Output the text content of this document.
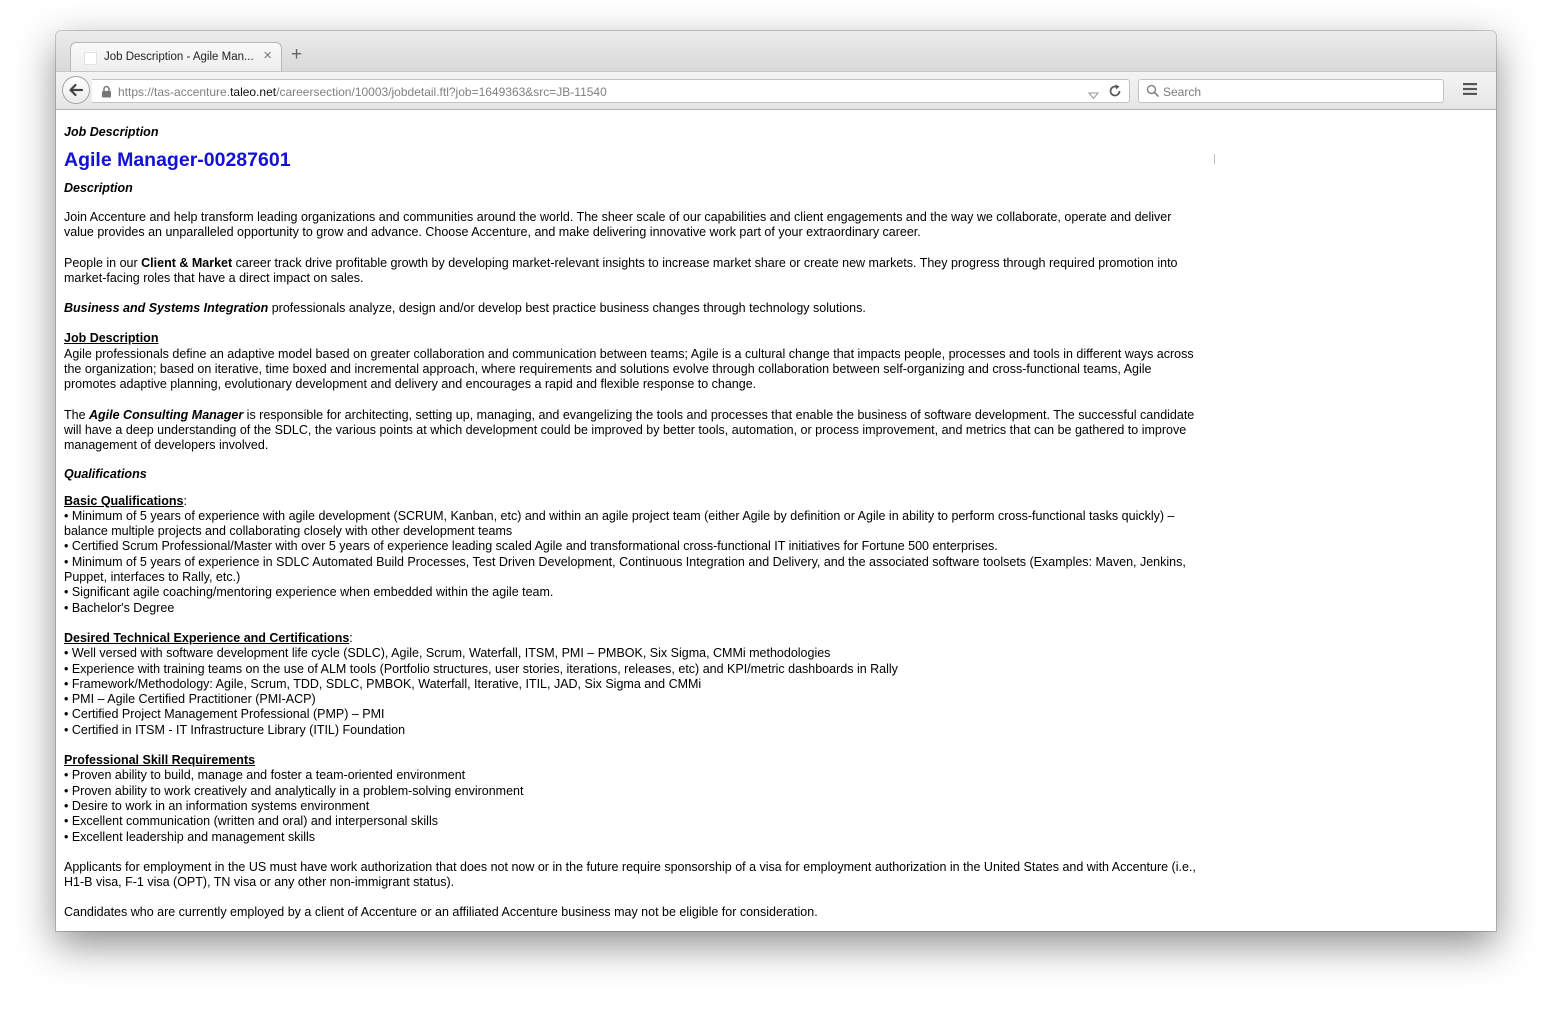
Job Description - Agile Man... × +
https://tas-accenture.taleo.net/careersection/10003/jobdetail.ftl?job=1649363&src=JB-11540
Search

Job Description

Agile Manager-00287601

Description

Join Accenture and help transform leading organizations and communities around the world. The sheer scale of our capabilities and client engagements and the way we collaborate, operate and deliver value provides an unparalleled opportunity to grow and advance. Choose Accenture, and make delivering innovative work part of your extraordinary career.

People in our Client & Market career track drive profitable growth by developing market-relevant insights to increase market share or create new markets. They progress through required promotion into market-facing roles that have a direct impact on sales.

Business and Systems Integration professionals analyze, design and/or develop best practice business changes through technology solutions.

Job Description

Agile professionals define an adaptive model based on greater collaboration and communication between teams; Agile is a cultural change that impacts people, processes and tools in different ways across the organization; based on iterative, time boxed and incremental approach, where requirements and solutions evolve through collaboration between self-organizing and cross-functional teams, Agile promotes adaptive planning, evolutionary development and delivery and encourages a rapid and flexible response to change.

The Agile Consulting Manager is responsible for architecting, setting up, managing, and evangelizing the tools and processes that enable the business of software development. The successful candidate will have a deep understanding of the SDLC, the various points at which development could be improved by better tools, automation, or process improvement, and metrics that can be gathered to improve management of developers involved.

Qualifications

Basic Qualifications:

• Minimum of 5 years of experience with agile development (SCRUM, Kanban, etc) and within an agile project team (either Agile by definition or Agile in ability to perform cross-functional tasks quickly) – balance multiple projects and collaborating closely with other development teams
• Certified Scrum Professional/Master with over 5 years of experience leading scaled Agile and transformational cross-functional IT initiatives for Fortune 500 enterprises.
• Minimum of 5 years of experience in SDLC Automated Build Processes, Test Driven Development, Continuous Integration and Delivery, and the associated software toolsets (Examples: Maven, Jenkins, Puppet, interfaces to Rally, etc.)
• Significant agile coaching/mentoring experience when embedded within the agile team.
• Bachelor's Degree

Desired Technical Experience and Certifications:

• Well versed with software development life cycle (SDLC), Agile, Scrum, Waterfall, ITSM, PMI – PMBOK, Six Sigma, CMMi methodologies
• Experience with training teams on the use of ALM tools (Portfolio structures, user stories, iterations, releases, etc) and KPI/metric dashboards in Rally
• Framework/Methodology: Agile, Scrum, TDD, SDLC, PMBOK, Waterfall, Iterative, ITIL, JAD, Six Sigma and CMMi
• PMI – Agile Certified Practitioner (PMI-ACP)
• Certified Project Management Professional (PMP) – PMI
• Certified in ITSM - IT Infrastructure Library (ITIL) Foundation

Professional Skill Requirements

• Proven ability to build, manage and foster a team-oriented environment
• Proven ability to work creatively and analytically in a problem-solving environment
• Desire to work in an information systems environment
• Excellent communication (written and oral) and interpersonal skills
• Excellent leadership and management skills

Applicants for employment in the US must have work authorization that does not now or in the future require sponsorship of a visa for employment authorization in the United States and with Accenture (i.e., H1-B visa, F-1 visa (OPT), TN visa or any other non-immigrant status).

Candidates who are currently employed by a client of Accenture or an affiliated Accenture business may not be eligible for consideration.
